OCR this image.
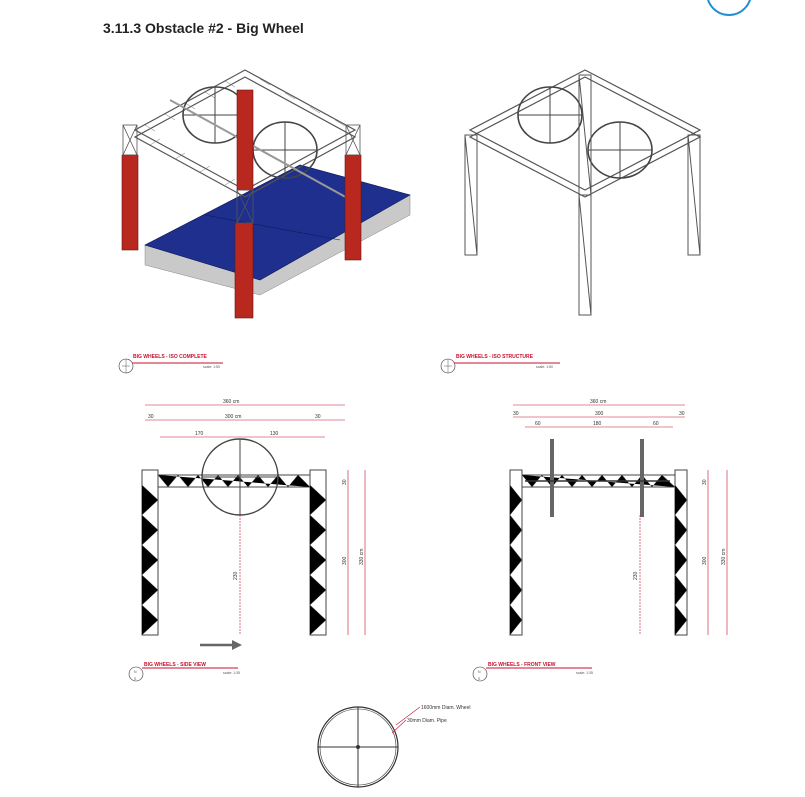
3.11.3 Obstacle #2 - Big Wheel
BIG WHEELS - ISO COMPLETE
scale: 1:50
BIG WHEELS - ISO STRUCTURE
scale: 1:50
360 cm
30	300 cm	30
170	130
230
30
300 330 cm
360 cm
30	300	30
60	180	60
230
30
300	330 cm
N
S
BIG WHEELS - SIDE VIEW
scale: 1:35	N
S
BIG WHEELS - FRONT VIEW
scale: 1:35
1600mm Diam. Wheel
30mm Diam. Pipe
